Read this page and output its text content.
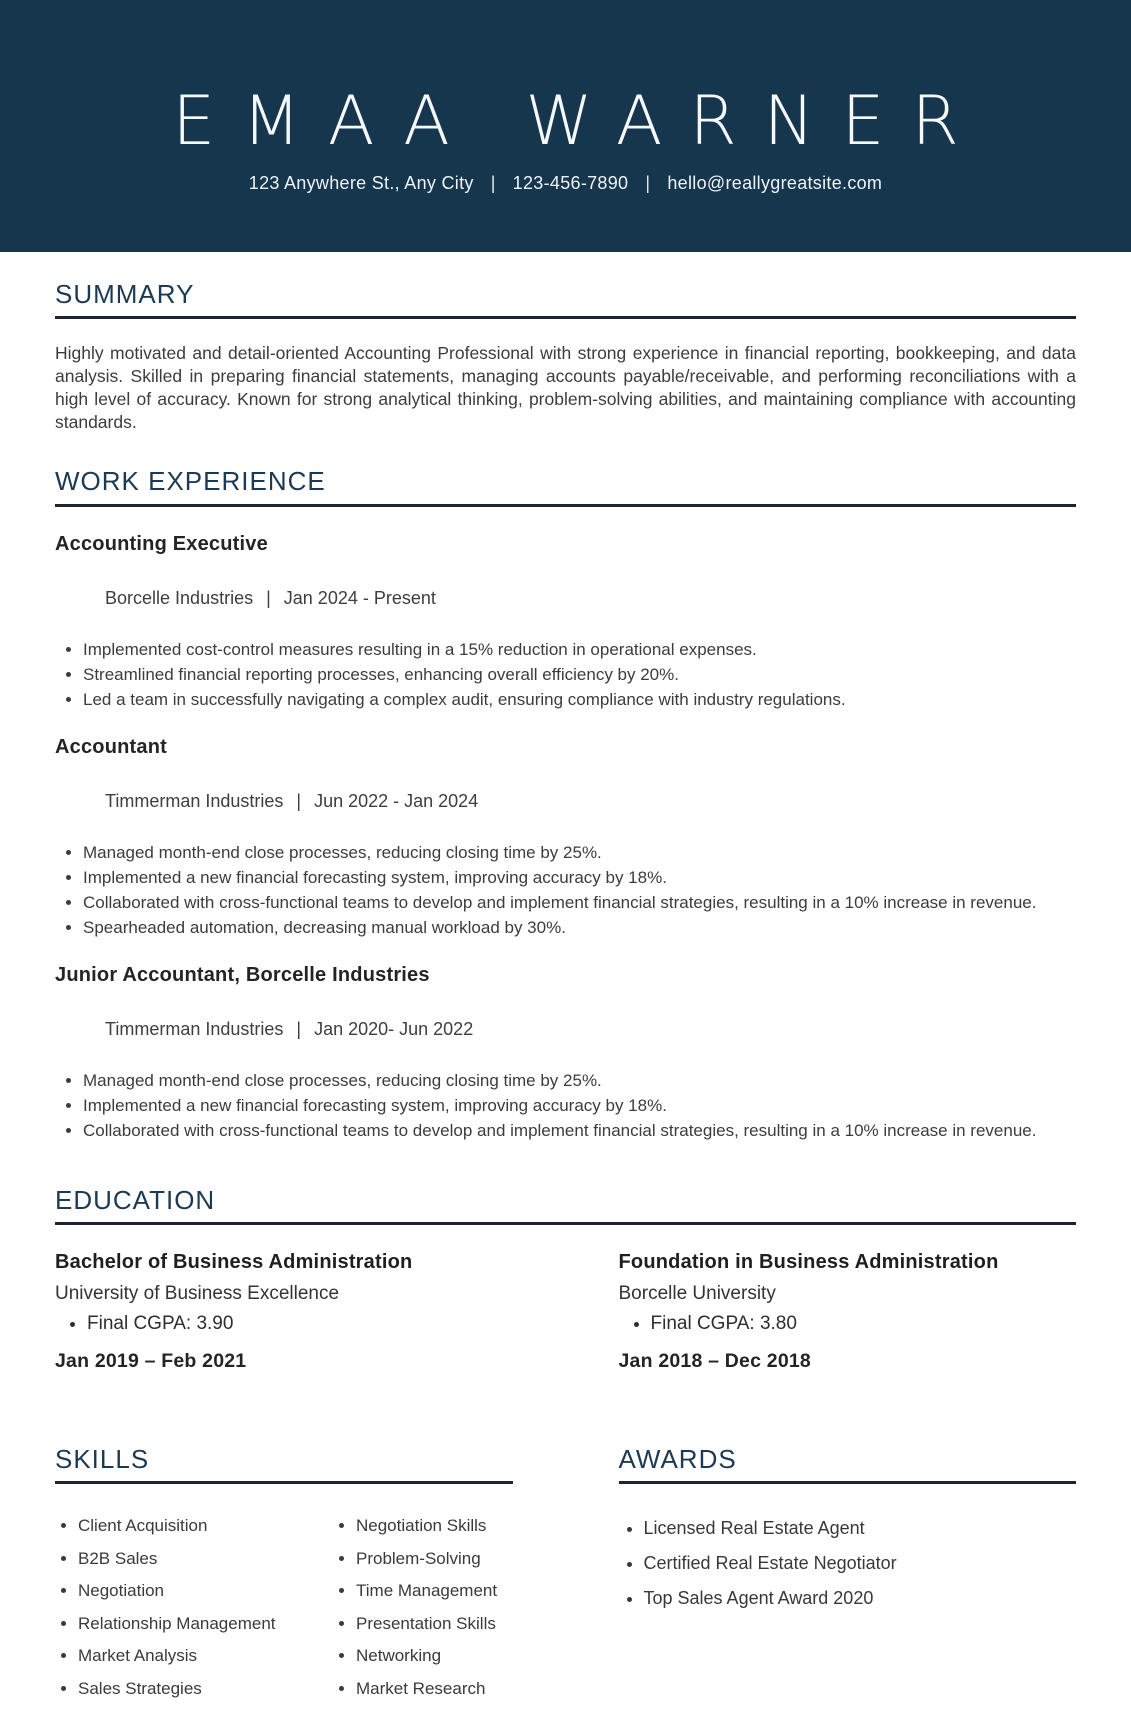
EMAA WARNER
123 Anywhere St., Any City | 123-456-7890 | hello@reallygreatsite.com
SUMMARY

Highly motivated and detail-oriented Accounting Professional with strong experience in financial reporting, bookkeeping, and data analysis. Skilled in preparing financial statements, managing accounts payable/receivable, and performing reconciliations with a high level of accuracy. Known for strong analytical thinking, problem-solving abilities, and maintaining compliance with accounting standards.

WORK EXPERIENCE
Accounting Executive

Borcelle Industries | Jan 2024 - Present

• Implemented cost-control measures resulting in a 15% reduction in operational expenses.
• Streamlined financial reporting processes, enhancing overall efficiency by 20%.
• Led a team in successfully navigating a complex audit, ensuring compliance with industry regulations.
Accountant

Timmerman Industries | Jun 2022 - Jan 2024

• Managed month-end close processes, reducing closing time by 25%.
• Implemented a new financial forecasting system, improving accuracy by 18%.
• Collaborated with cross-functional teams to develop and implement financial strategies, resulting in a 10% increase in revenue.
• Spearheaded automation, decreasing manual workload by 30%.
Junior Accountant, Borcelle Industries

Timmerman Industries | Jan 2020- Jun 2022

• Managed month-end close processes, reducing closing time by 25%.
• Implemented a new financial forecasting system, improving accuracy by 18%.
• Collaborated with cross-functional teams to develop and implement financial strategies, resulting in a 10% increase in revenue.
EDUCATION
Bachelor of Business Administration
University of Business Excellence
• Final CGPA: 3.90
Jan 2019 – Feb 2021
Foundation in Business Administration
Borcelle University
• Final CGPA: 3.80
Jan 2018 – Dec 2018
SKILLS
• Client Acquisition
• B2B Sales
• Negotiation
• Relationship Management
• Market Analysis
• Sales Strategies
• Negotiation Skills
• Problem-Solving
• Time Management
• Presentation Skills
• Networking
• Market Research
AWARDS
• Licensed Real Estate Agent
• Certified Real Estate Negotiator
• Top Sales Agent Award 2020
